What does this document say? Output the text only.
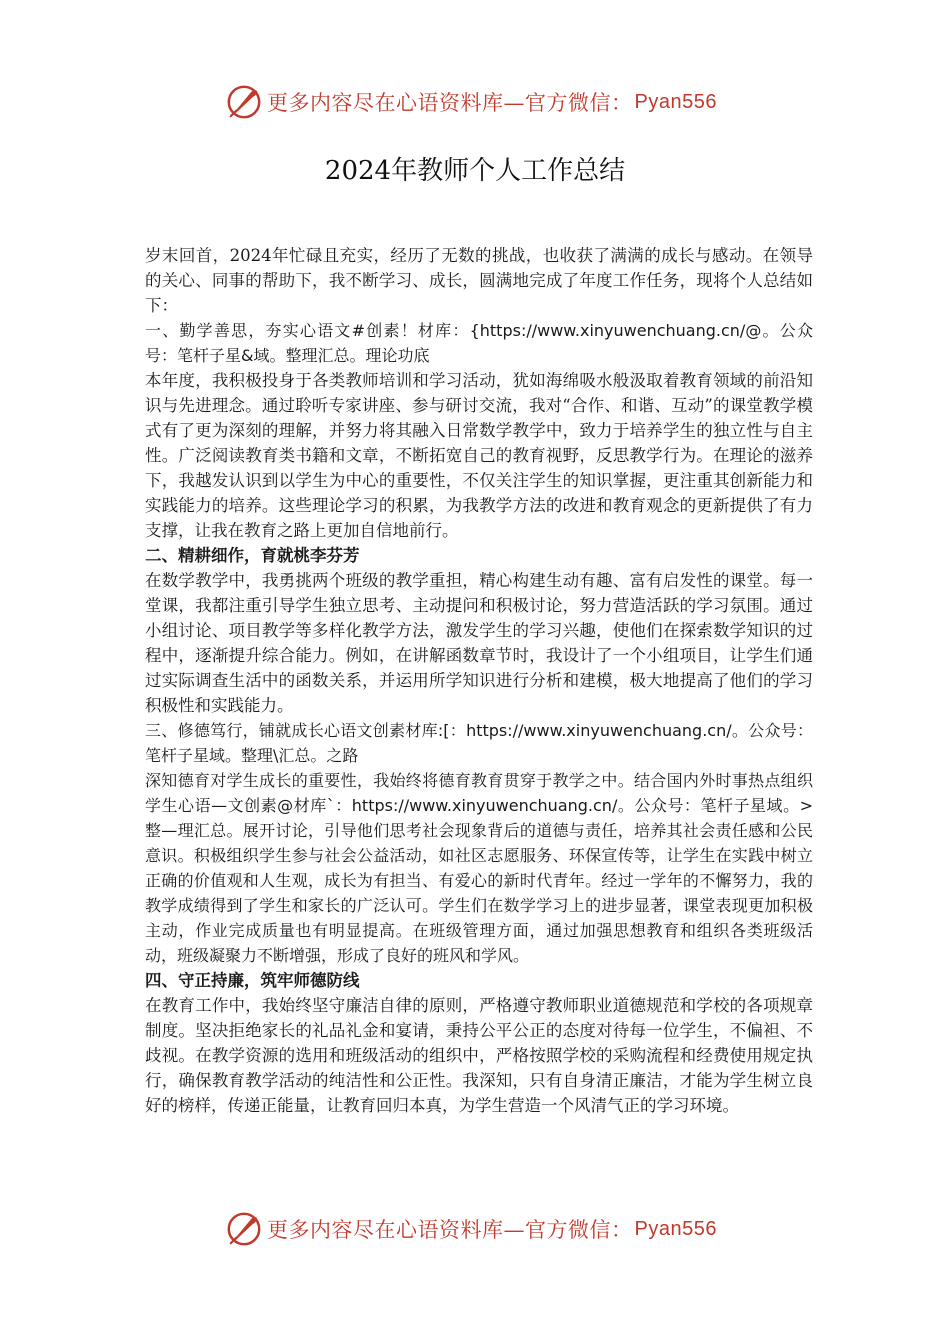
更多内容尽在心语资料库—官方微信： Pyan556
2024年教师个人工作总结

岁末回首，2024年忙碌且充实，经历了无数的挑战，也收获了满满的成长与感动。在领导的关心、同事的帮助下，我不断学习、成长，圆满地完成了年度工作任务，现将个人总结如下：

一、勤学善思，夯实心语文#创素！材库：{https://www.xinyuwenchuang.cn/@。公众号：笔杆子星&域。整理汇总。理论功底

本年度，我积极投身于各类教师培训和学习活动，犹如海绵吸水般汲取着教育领域的前沿知识与先进理念。通过聆听专家讲座、参与研讨交流，我对“合作、和谐、互动”的课堂教学模式有了更为深刻的理解，并努力将其融入日常数学教学中，致力于培养学生的独立性与自主性。广泛阅读教育类书籍和文章，不断拓宽自己的教育视野，反思教学行为。在理论的滋养下，我越发认识到以学生为中心的重要性，不仅关注学生的知识掌握，更注重其创新能力和实践能力的培养。这些理论学习的积累，为我教学方法的改进和教育观念的更新提供了有力支撑，让我在教育之路上更加自信地前行。

二、精耕细作，育就桃李芬芳

在数学教学中，我勇挑两个班级的教学重担，精心构建生动有趣、富有启发性的课堂。每一堂课，我都注重引导学生独立思考、主动提问和积极讨论，努力营造活跃的学习氛围。通过小组讨论、项目教学等多样化教学方法，激发学生的学习兴趣，使他们在探索数学知识的过程中，逐渐提升综合能力。例如，在讲解函数章节时，我设计了一个小组项目，让学生们通过实际调查生活中的函数关系，并运用所学知识进行分析和建模，极大地提高了他们的学习积极性和实践能力。

三、修德笃行，铺就成长心语文创素材库:[：https://www.xinyuwenchuang.cn/。公众号：笔杆子星域。整理\汇总。之路

深知德育对学生成长的重要性，我始终将德育教育贯穿于教学之中。结合国内外时事热点组织学生心语—文创素@材库`：https://www.xinyuwenchuang.cn/。公众号：笔杆子星域。>整—理汇总。展开讨论，引导他们思考社会现象背后的道德与责任，培养其社会责任感和公民意识。积极组织学生参与社会公益活动，如社区志愿服务、环保宣传等，让学生在实践中树立正确的价值观和人生观，成长为有担当、有爱心的新时代青年。经过一学年的不懈努力，我的教学成绩得到了学生和家长的广泛认可。学生们在数学学习上的进步显著，课堂表现更加积极主动，作业完成质量也有明显提高。在班级管理方面，通过加强思想教育和组织各类班级活动，班级凝聚力不断增强，形成了良好的班风和学风。

四、守正持廉，筑牢师德防线

在教育工作中，我始终坚守廉洁自律的原则，严格遵守教师职业道德规范和学校的各项规章制度。坚决拒绝家长的礼品礼金和宴请，秉持公平公正的态度对待每一位学生，不偏袒、不歧视。在教学资源的选用和班级活动的组织中，严格按照学校的采购流程和经费使用规定执行，确保教育教学活动的纯洁性和公正性。我深知，只有自身清正廉洁，才能为学生树立良好的榜样，传递正能量，让教育回归本真，为学生营造一个风清气正的学习环境。

更多内容尽在心语资料库—官方微信： Pyan556
